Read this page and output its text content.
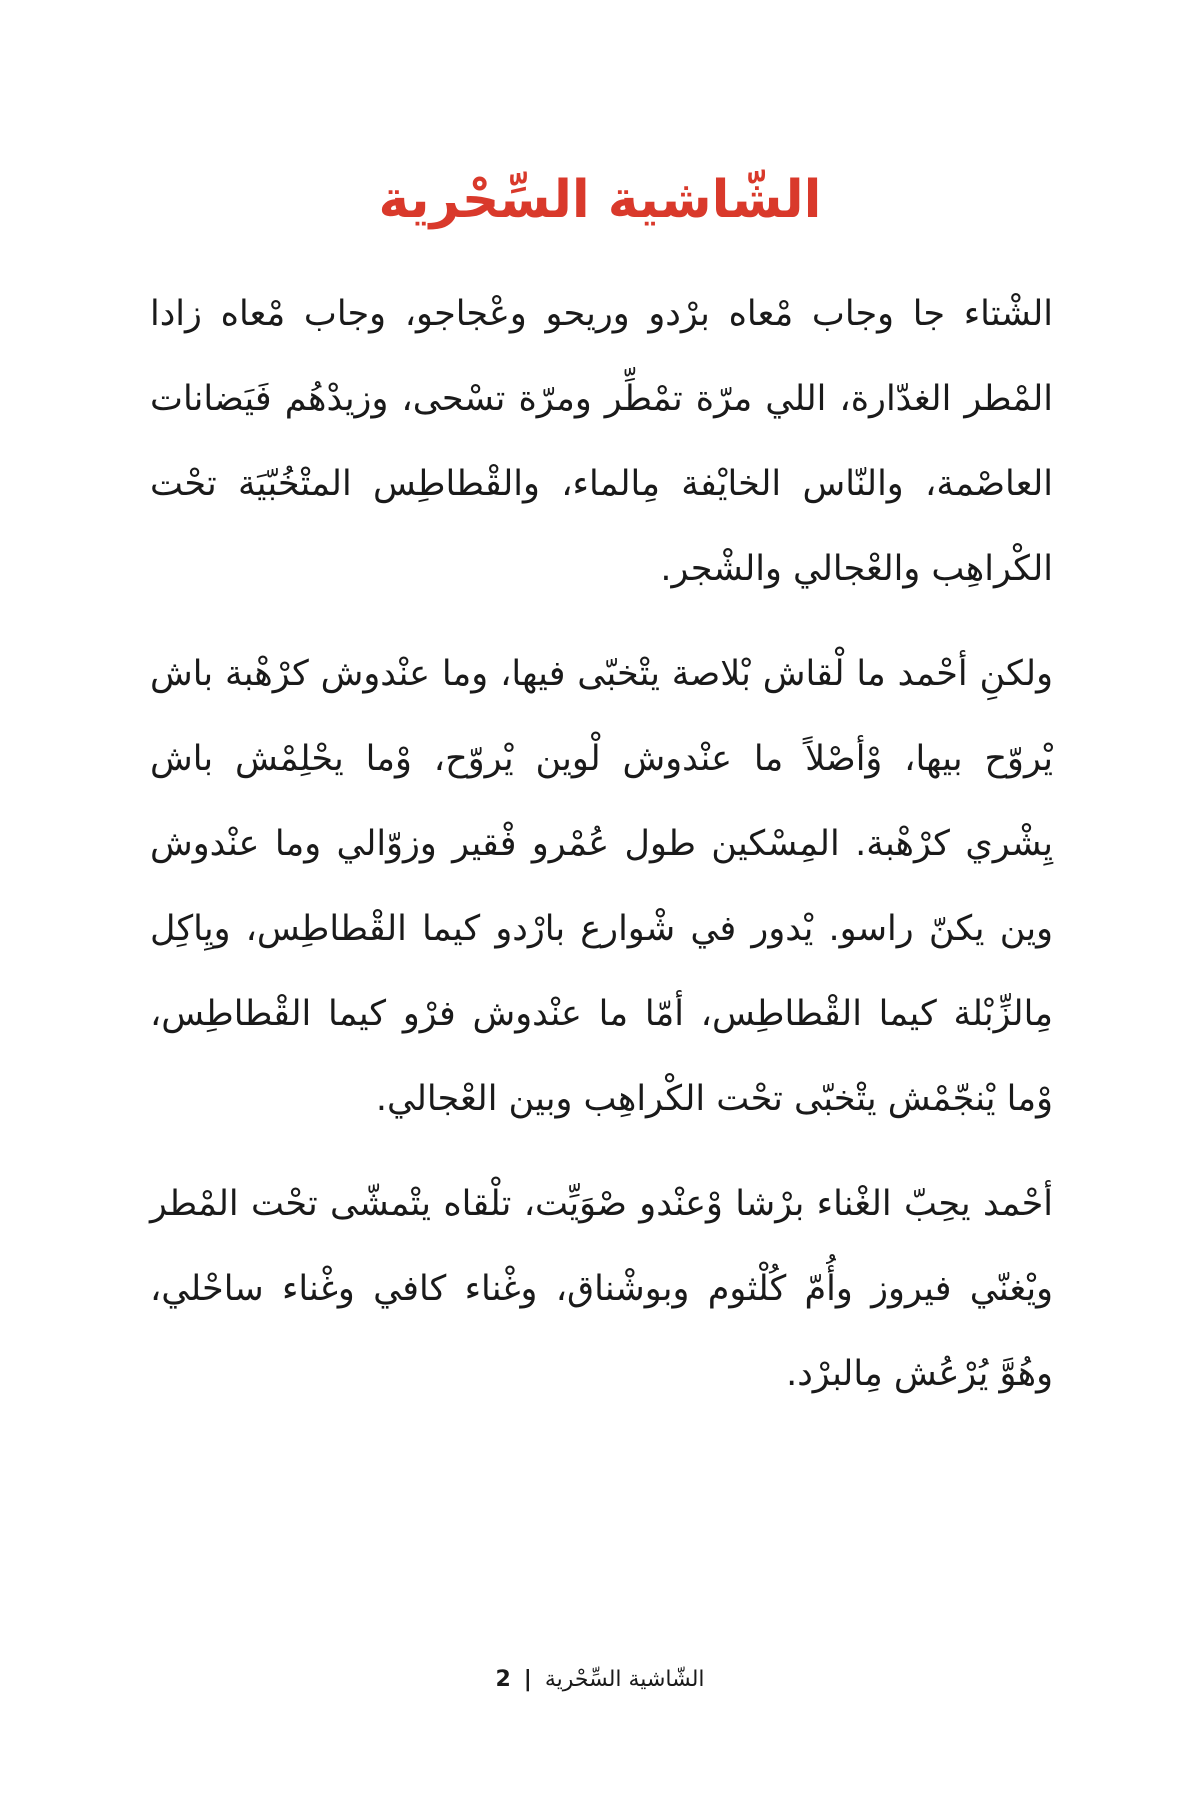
الشّاشية السِّحْرية

الشْتاء جا وجاب مْعاه برْدو وريحو وعْجاجو، وجاب مْعاه زادا المْطر الغدّارة، اللي مرّة تمْطِّر ومرّة تسْحى، وزيدْهُم فَيَضانات العاصْمة، والنّاس الخايْفة مِالماء، والقْطاطِس المتْخُبّيَة تحْت الكْراهِب والعْجالي والشْجر.

ولكنِ أحْمد ما لْقاش بْلاصة يتْخبّى فيها، وما عنْدوش كرْهْبة باش يْروّح بيها، وْأصْلاً ما عنْدوش لْوين يْروّح، وْما يحْلِمْش باش يِشْري كرْهْبة. المِسْكين طول عُمْرو فْقير وزوّالي وما عنْدوش وين يكنّ راسو. يْدور في شْوارع بارْدو كيما القْطاطِس، ويِاكِل مِالزِّبْلة كيما القْطاطِس، أمّا ما عنْدوش فرْو كيما القْطاطِس، وْما يْنجّمْش يتْخبّى تحْت الكْراهِب وبين العْجالي.

أحْمد يحِبّ الغْناء برْشا وْعنْدو صْوَيِّت، تلْقاه يتْمشّى تحْت المْطر ويْغنّي فيروز وأُمّ كُلْثوم وبوشْناق، وغْناء كافي وغْناء ساحْلي، وهُوَّ يُرْعُش مِالبرْد.

الشّاشية السِّحْرية | 2
